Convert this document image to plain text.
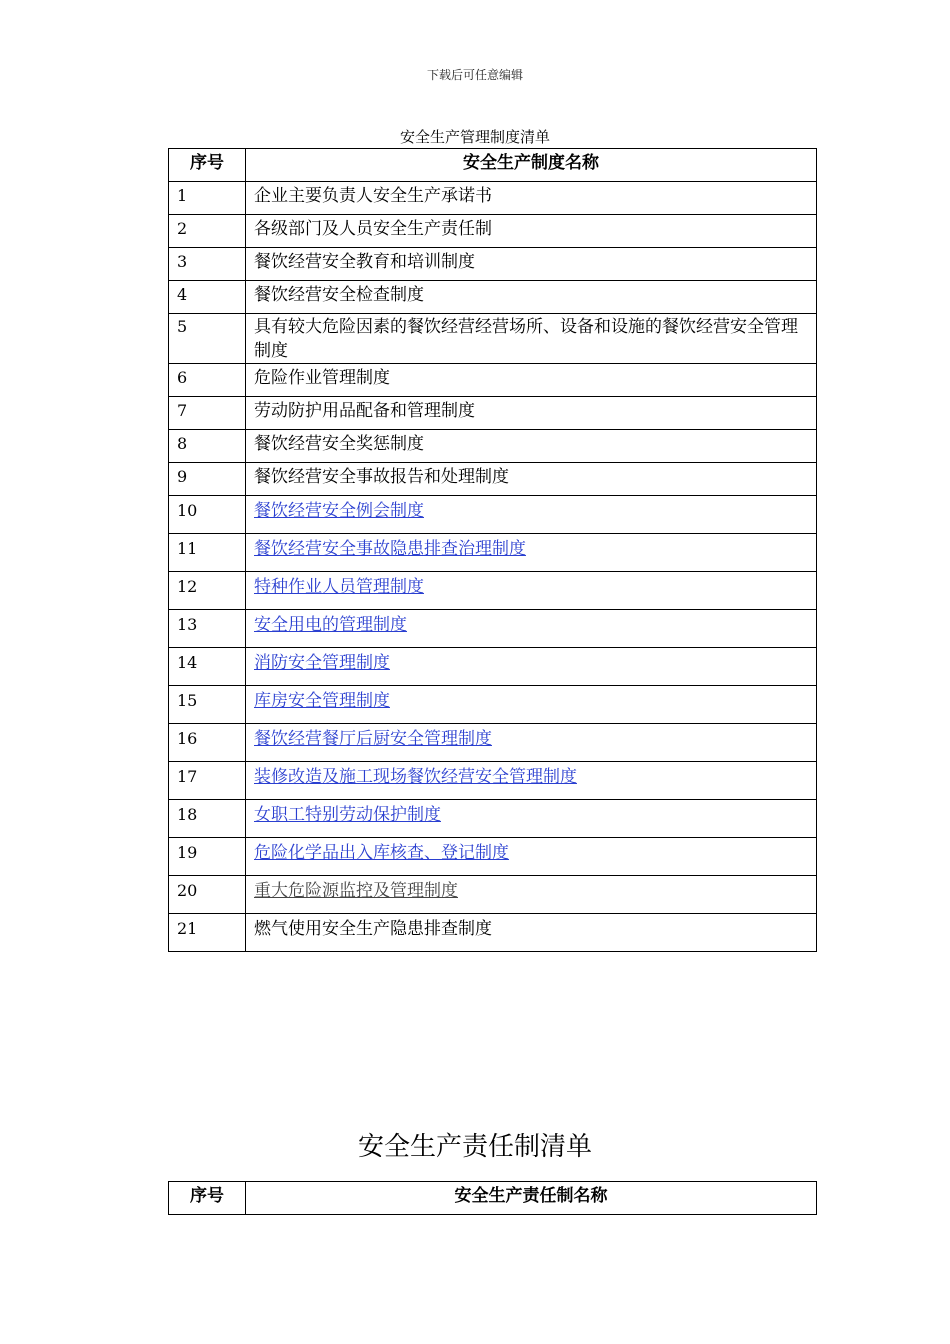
下载后可任意编辑
安全生产管理制度清单
序号	安全生产制度名称
1	企业主要负责人安全生产承诺书
2	各级部门及人员安全生产责任制
3	餐饮经营安全教育和培训制度
4	餐饮经营安全检查制度
5	具有较大危险因素的餐饮经营经营场所、设备和设施的餐饮经营安全管理制度
6	危险作业管理制度
7	劳动防护用品配备和管理制度
8	餐饮经营安全奖惩制度
9	餐饮经营安全事故报告和处理制度
10	餐饮经营安全例会制度
11	餐饮经营安全事故隐患排查治理制度
12	特种作业人员管理制度
13	安全用电的管理制度
14	消防安全管理制度
15	库房安全管理制度
16	餐饮经营餐厅后厨安全管理制度
17	装修改造及施工现场餐饮经营安全管理制度
18	女职工特别劳动保护制度
19	危险化学品出入库核查、登记制度
20	重大危险源监控及管理制度
21	燃气使用安全生产隐患排查制度
安全生产责任制清单
序号	安全生产责任制名称
